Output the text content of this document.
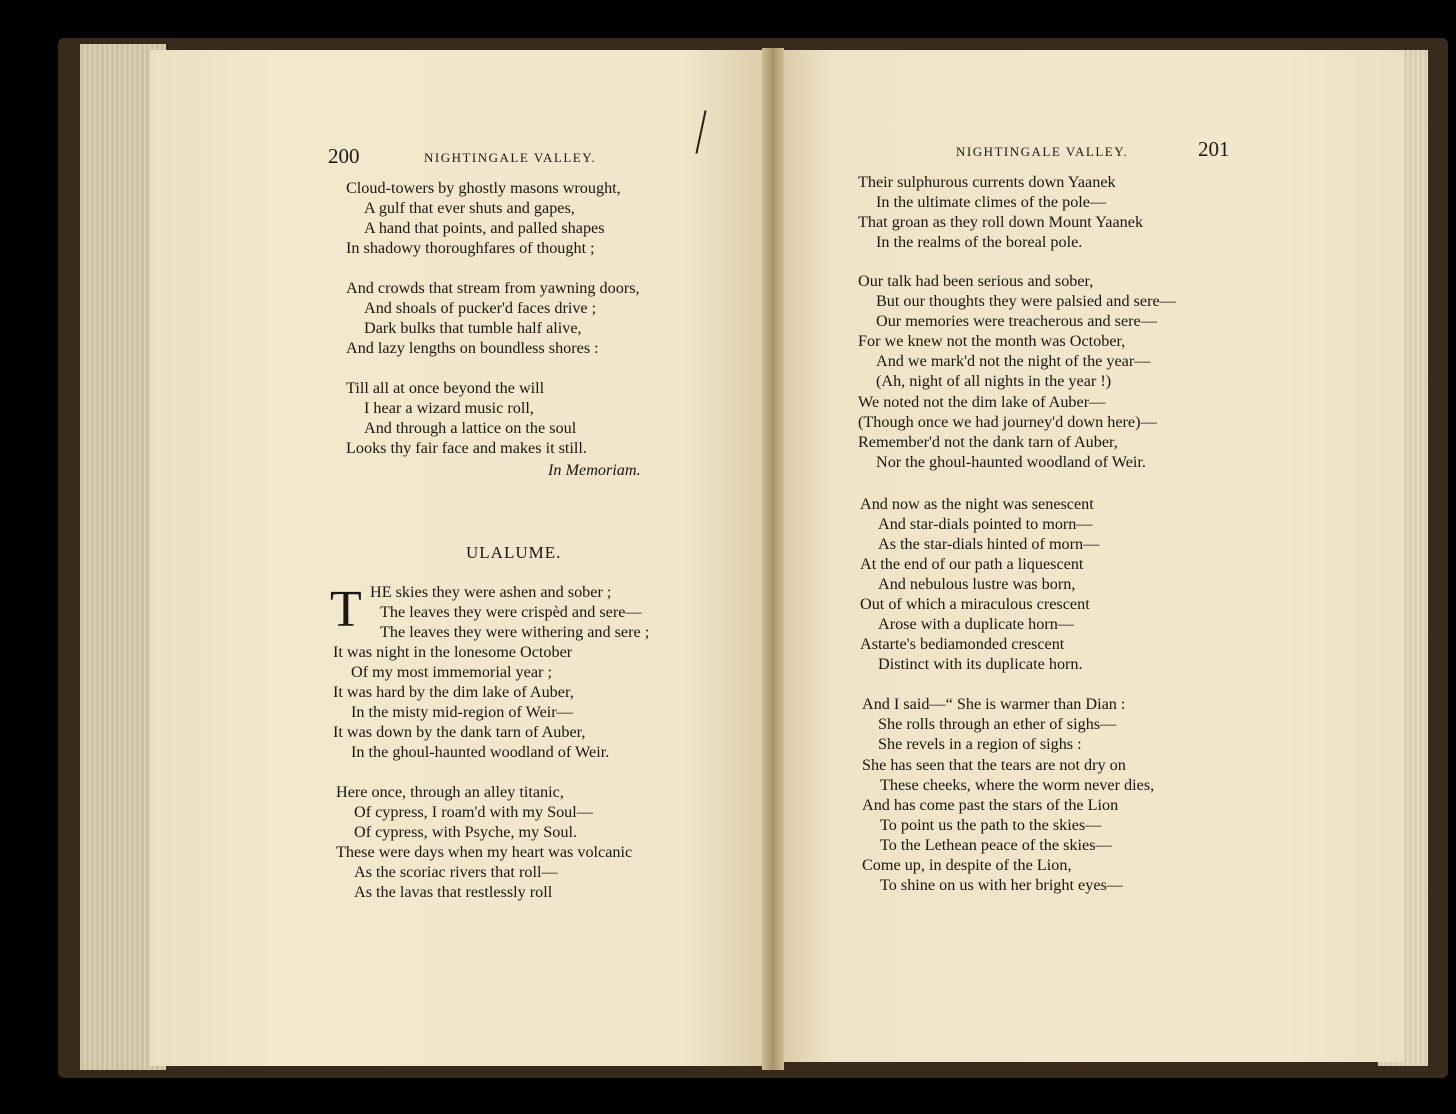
200	NIGHTINGALE VALLEY.
Cloud-towers by ghostly masons wrought,
A gulf that ever shuts and gapes,
A hand that points, and palled shapes
In shadowy thoroughfares of thought ;
And crowds that stream from yawning doors,
And shoals of pucker'd faces drive ;
Dark bulks that tumble half alive,
And lazy lengths on boundless shores :
Till all at once beyond the will
I hear a wizard music roll,
And through a lattice on the soul
Looks thy fair face and makes it still.
In Memoriam.
ULALUME.
T HE skies they were ashen and sober ;
The leaves they were crispèd and sere—
The leaves they were withering and sere ;
It was night in the lonesome October
Of my most immemorial year ;
It was hard by the dim lake of Auber,
In the misty mid-region of Weir—
It was down by the dank tarn of Auber,
In the ghoul-haunted woodland of Weir.
Here once, through an alley titanic,
Of cypress, I roam'd with my Soul—
Of cypress, with Psyche, my Soul.
These were days when my heart was volcanic
As the scoriac rivers that roll—
As the lavas that restlessly roll
NIGHTINGALE VALLEY.	201
Their sulphurous currents down Yaanek
In the ultimate climes of the pole—
That groan as they roll down Mount Yaanek
In the realms of the boreal pole.
Our talk had been serious and sober,
But our thoughts they were palsied and sere—
Our memories were treacherous and sere—
For we knew not the month was October,
And we mark'd not the night of the year—
(Ah, night of all nights in the year !)
We noted not the dim lake of Auber—
(Though once we had journey'd down here)—
Remember'd not the dank tarn of Auber,
Nor the ghoul-haunted woodland of Weir.
And now as the night was senescent
And star-dials pointed to morn—
As the star-dials hinted of morn—
At the end of our path a liquescent
And nebulous lustre was born,
Out of which a miraculous crescent
Arose with a duplicate horn—
Astarte's bediamonded crescent
Distinct with its duplicate horn.
And I said—“ She is warmer than Dian :
She rolls through an ether of sighs—
She revels in a region of sighs :
She has seen that the tears are not dry on
These cheeks, where the worm never dies,
And has come past the stars of the Lion
To point us the path to the skies—
To the Lethean peace of the skies—
Come up, in despite of the Lion,
To shine on us with her bright eyes—
